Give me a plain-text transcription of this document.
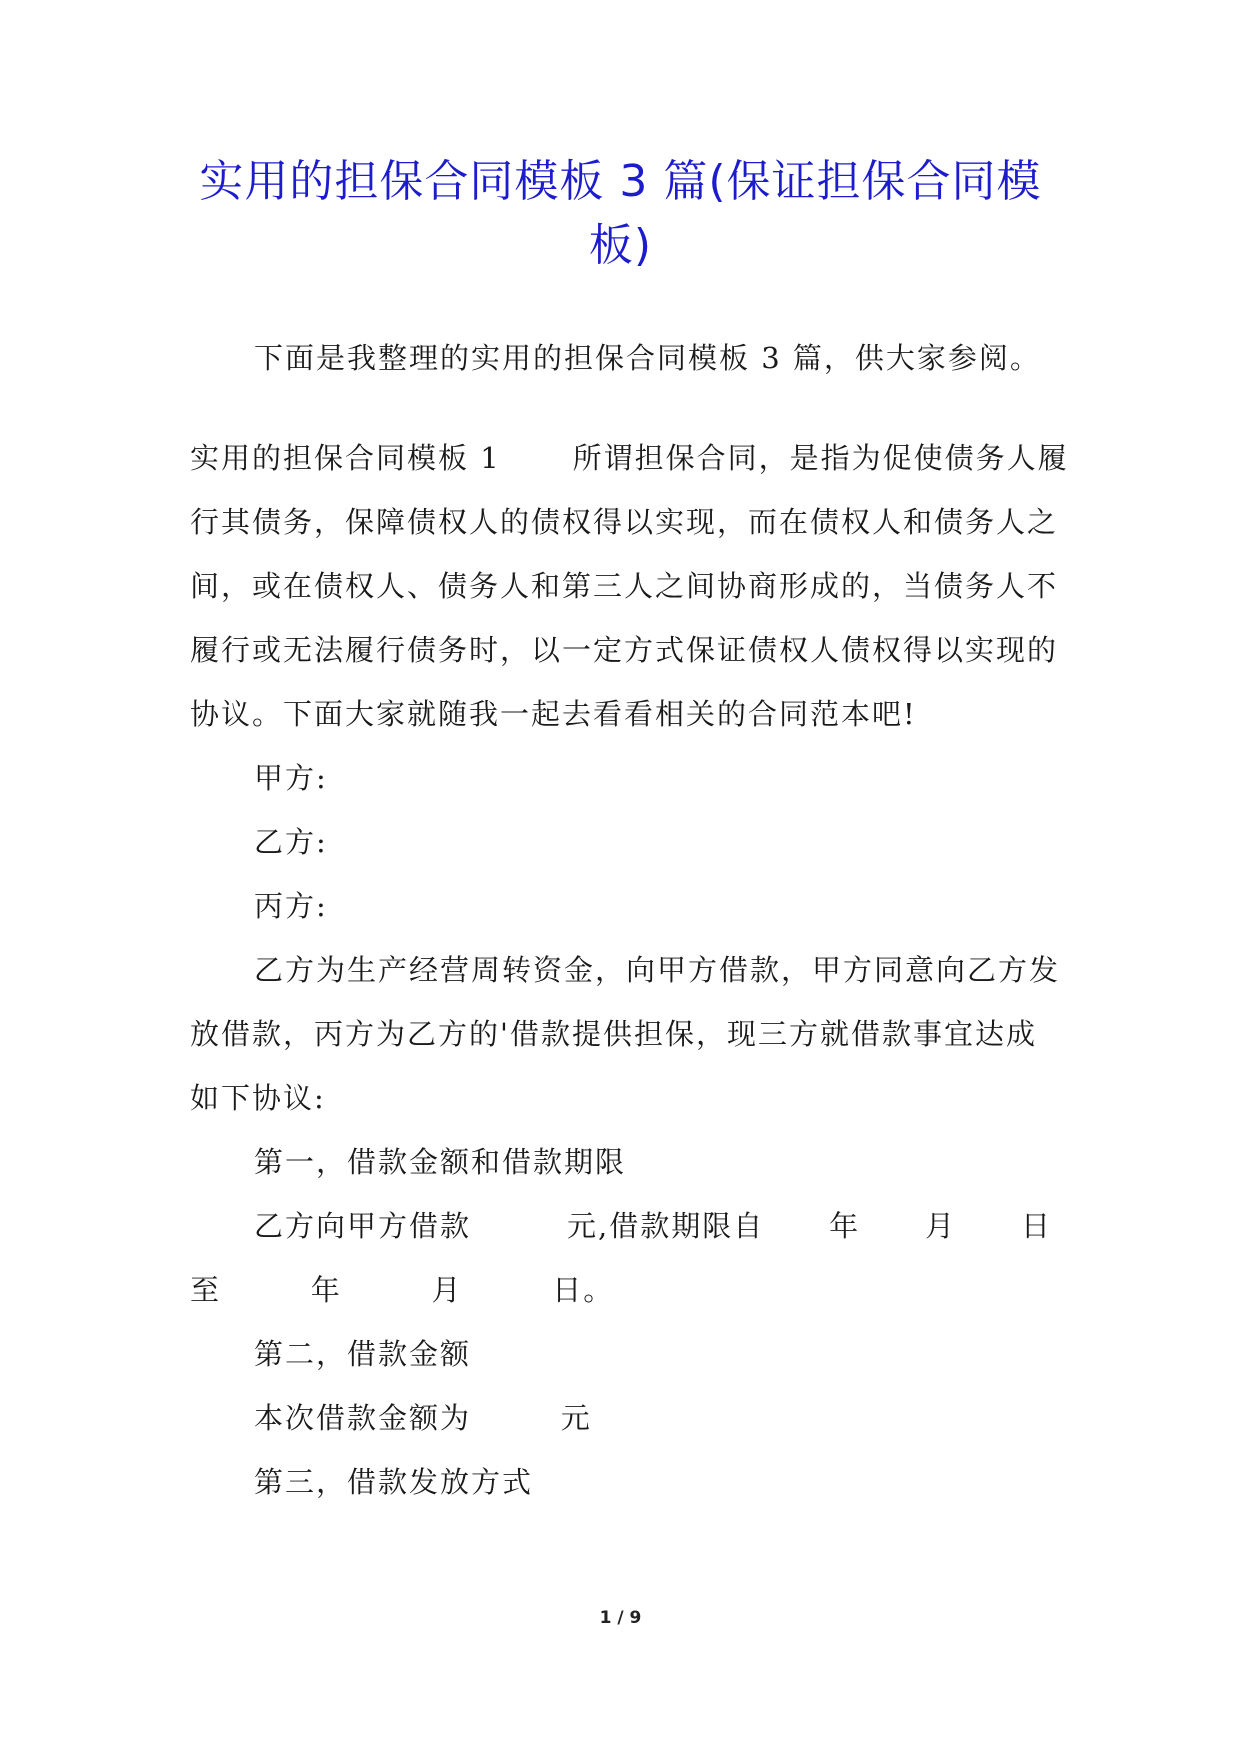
实用的担保合同模板 3 篇(保证担保合同模
板)

下面是我整理的实用的担保合同模板 3 篇，供大家参阅。

实用的担保合同模板 1 所谓担保合同，是指为促使债务人履

行其债务，保障债权人的债权得以实现，而在债权人和债务人之

间，或在债权人、债务人和第三人之间协商形成的，当债务人不

履行或无法履行债务时，以一定方式保证债权人债权得以实现的

协议。下面大家就随我一起去看看相关的合同范本吧!

甲方:

乙方:

丙方:

乙方为生产经营周转资金，向甲方借款，甲方同意向乙方发

放借款，丙方为乙方的'借款提供担保，现三方就借款事宜达成

如下协议:

第一，借款金额和借款期限

乙方向甲方借款	元,借款期限自 年 月 日

至        年        月        日。

第二，借款金额

本次借款金额为        元

第三，借款发放方式

1 / 9
